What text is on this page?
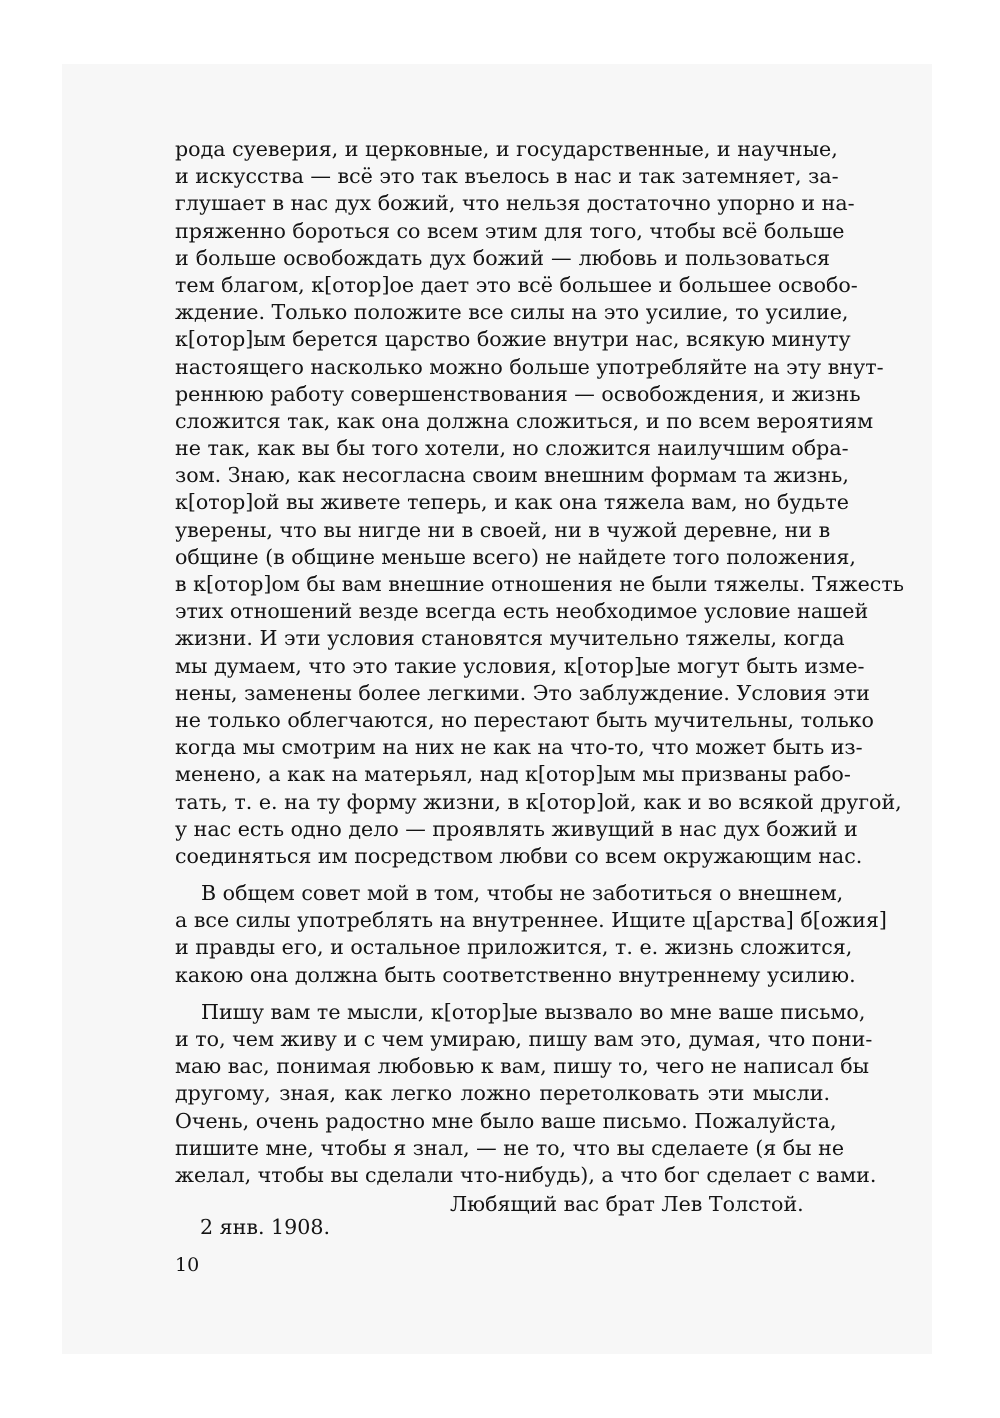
рода суеверия, и церковные, и государственные, и научные,
и искусства — всё это так въелось в нас и так затемняет, за-
глушает в нас дух божий, что нельзя достаточно упорно и на-
пряженно бороться со всем этим для того, чтобы всё больше
и больше освобождать дух божий — любовь и пользоваться
тем благом, к[отор]ое дает это всё большее и большее освобо-
ждение. Только положите все силы на это усилие, то усилие,
к[отор]ым берется царство божие внутри нас, всякую минуту
настоящего насколько можно больше употребляйте на эту внут-
реннюю работу совершенствования — освобождения, и жизнь
сложится так, как она должна сложиться, и по всем вероятиям
не так, как вы бы того хотели, но сложится наилучшим обра-
зом. Знаю, как несогласна своим внешним формам та жизнь,
к[отор]ой вы живете теперь, и как она тяжела вам, но будьте
уверены, что вы нигде ни в своей, ни в чужой деревне, ни в
общине (в общине меньше всего) не найдете того положения,
в к[отор]ом бы вам внешние отношения не были тяжелы. Тяжесть
этих отношений везде всегда есть необходимое условие нашей
жизни. И эти условия становятся мучительно тяжелы, когда
мы думаем, что это такие условия, к[отор]ые могут быть изме-
нены, заменены более легкими. Это заблуждение. Условия эти
не только облегчаются, но перестают быть мучительны, только
когда мы смотрим на них не как на что-то, что может быть из-
менено, а как на матерьял, над к[отор]ым мы призваны рабо-
тать, т. е. на ту форму жизни, в к[отор]ой, как и во всякой другой,
у нас есть одно дело — проявлять живущий в нас дух божий и
соединяться им посредством любви со всем окружающим нас.
В общем совет мой в том, чтобы не заботиться о внешнем,
а все силы употреблять на внутреннее. Ищите ц[арства] б[ожия]
и правды его, и остальное приложится, т. е. жизнь сложится,
какою она должна быть соответственно внутреннему усилию.
Пишу вам те мысли, к[отор]ые вызвало во мне ваше письмо,
и то, чем живу и с чем умираю, пишу вам это, думая, что пони-
маю вас, понимая любовью к вам, пишу то, чего не написал бы
другому, зная, как легко ложно перетолковать эти мысли.
Очень, очень радостно мне было ваше письмо. Пожалуйста,
пишите мне, чтобы я знал, — не то, что вы сделаете (я бы не
желал, чтобы вы сделали что-нибудь), а что бог сделает с вами.
Любящий вас брат Лев Толстой.
2 янв. 1908.
10
